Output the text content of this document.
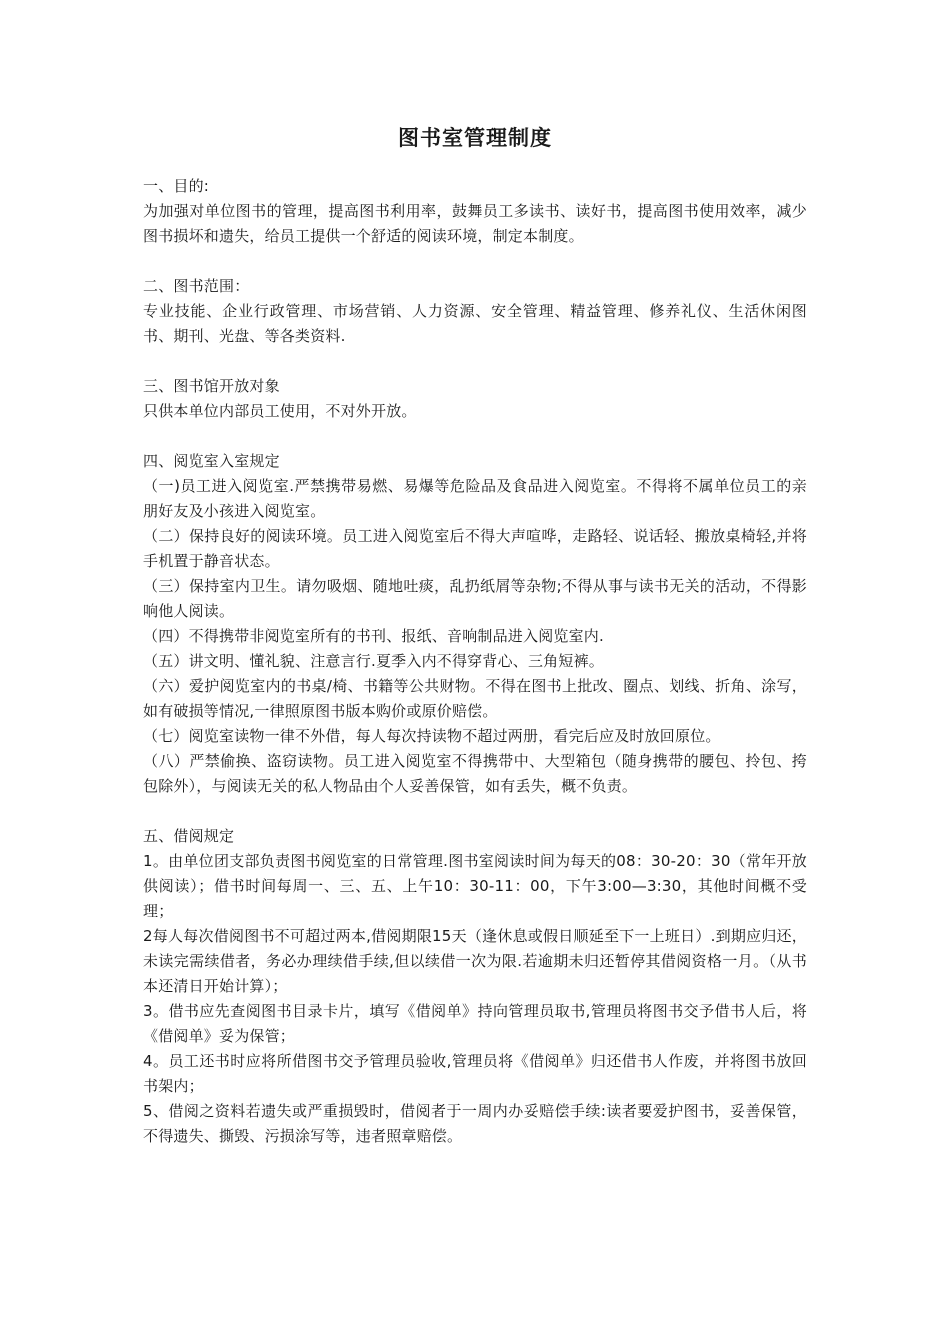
图书室管理制度

一、目的:

为加强对单位图书的管理，提高图书利用率，鼓舞员工多读书、读好书，提高图书使用效率，减少图书损坏和遗失，给员工提供一个舒适的阅读环境，制定本制度。

二、图书范围：

专业技能、企业行政管理、市场营销、人力资源、安全管理、精益管理、修养礼仪、生活休闲图书、期刊、光盘、等各类资料.

三、图书馆开放对象

只供本单位内部员工使用，不对外开放。

四、阅览室入室规定

（一)员工进入阅览室.严禁携带易燃、易爆等危险品及食品进入阅览室。不得将不属单位员工的亲朋好友及小孩进入阅览室。

（二）保持良好的阅读环境。员工进入阅览室后不得大声喧哗，走路轻、说话轻、搬放桌椅轻,并将手机置于静音状态。

（三）保持室内卫生。请勿吸烟、随地吐痰，乱扔纸屑等杂物;不得从事与读书无关的活动，不得影响他人阅读。

（四）不得携带非阅览室所有的书刊、报纸、音响制品进入阅览室内.

（五）讲文明、懂礼貌、注意言行.夏季入内不得穿背心、三角短裤。

（六）爱护阅览室内的书桌/椅、书籍等公共财物。不得在图书上批改、圈点、划线、折角、涂写，如有破损等情况,一律照原图书版本购价或原价赔偿。

（七）阅览室读物一律不外借，每人每次持读物不超过两册，看完后应及时放回原位。

（八）严禁偷换、盗窃读物。员工进入阅览室不得携带中、大型箱包（随身携带的腰包、拎包、挎包除外），与阅读无关的私人物品由个人妥善保管，如有丢失，概不负责。

五、借阅规定

1。由单位团支部负责图书阅览室的日常管理.图书室阅读时间为每天的08：30-20：30（常年开放供阅读）；借书时间每周一、三、五、上午10：30-11：00，下午3:00—3:30，其他时间概不受理；

2每人每次借阅图书不可超过两本,借阅期限15天（逢休息或假日顺延至下一上班日）.到期应归还，未读完需续借者，务必办理续借手续,但以续借一次为限.若逾期未归还暂停其借阅资格一月。（从书本还清日开始计算）；

3。借书应先查阅图书目录卡片，填写《借阅单》持向管理员取书,管理员将图书交予借书人后，将《借阅单》妥为保管；

4。员工还书时应将所借图书交予管理员验收,管理员将《借阅单》归还借书人作废，并将图书放回书架内；

5、借阅之资料若遗失或严重损毁时，借阅者于一周内办妥赔偿手续:读者要爱护图书，妥善保管，不得遗失、撕毁、污损涂写等，违者照章赔偿。
